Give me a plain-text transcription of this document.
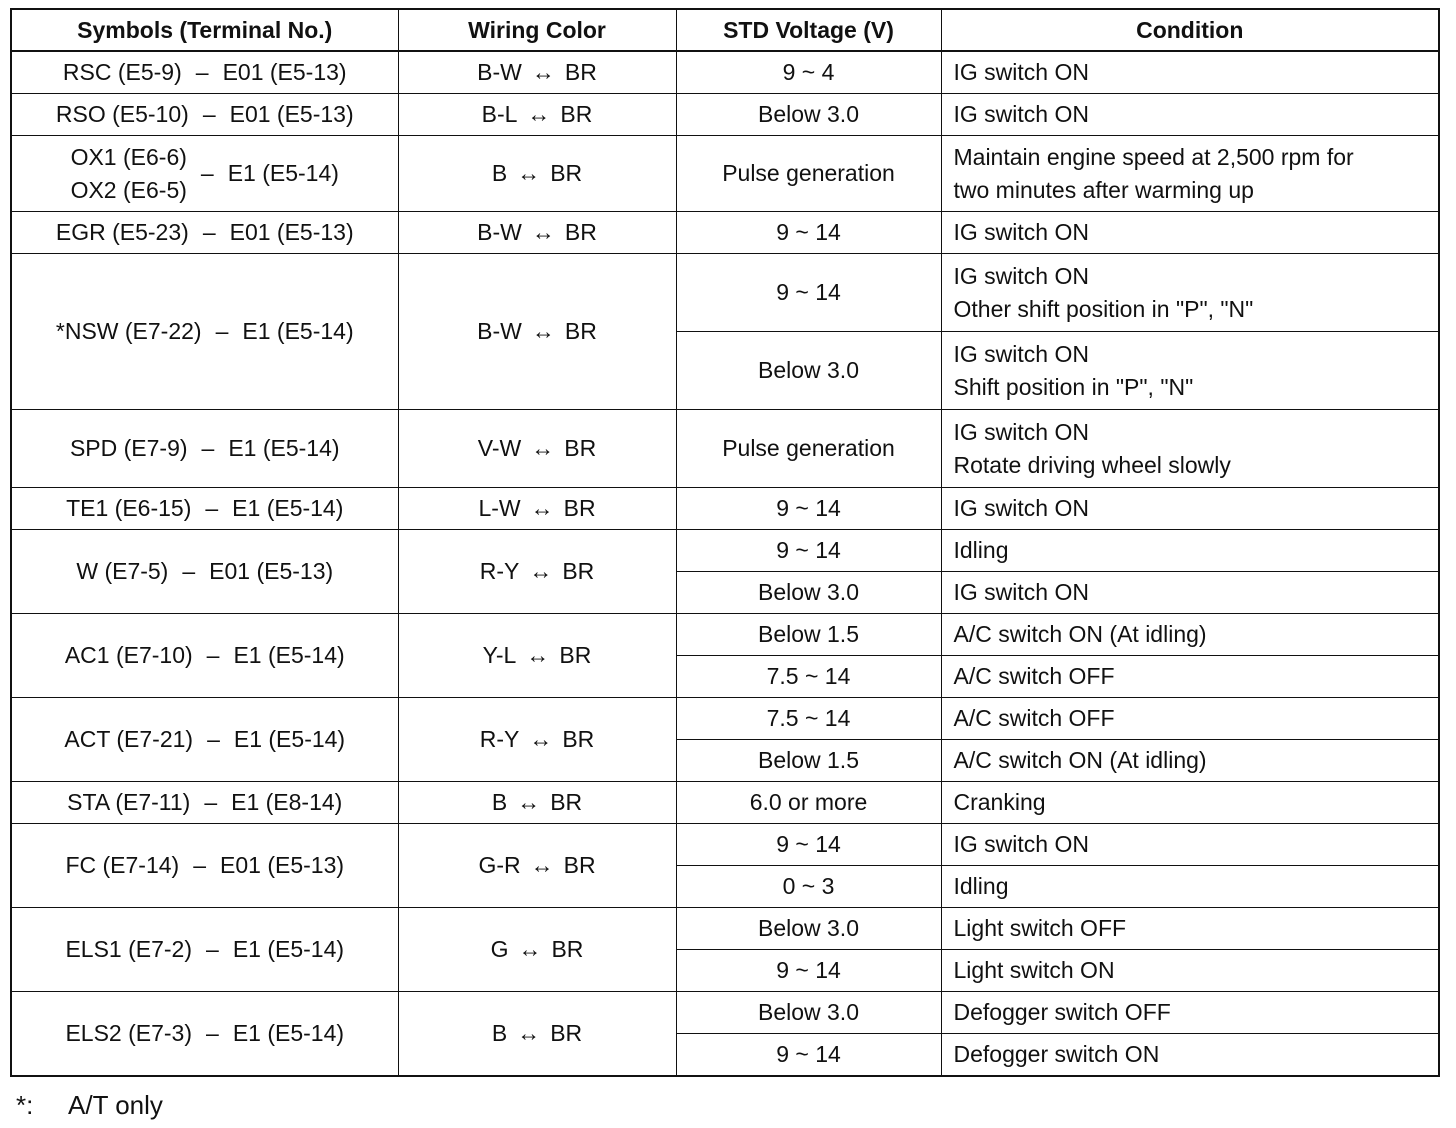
Symbols (Terminal No.)	Wiring Color	STD Voltage (V)	Condition

RSC (E5-9) – E01 (E5-13)	B-W ↔ BR	9 ~ 4	IG switch ON

RSO (E5-10) – E01 (E5-13)	B-L ↔ BR	Below 3.0	IG switch ON

OX1 (E6-6)
OX2 (E6-5)
– E1 (E5-14)	B ↔ BR	Pulse generation	Maintain engine speed at 2,500 rpm for
two minutes after warming up

EGR (E5-23) – E01 (E5-13)	B-W ↔ BR	9 ~ 14	IG switch ON

*NSW (E7-22) – E1 (E5-14)	B-W ↔ BR	9 ~ 14	IG switch ON
Other shift position in "P", "N"

		Below 3.0	IG switch ON
Shift position in "P", "N"

SPD (E7-9) – E1 (E5-14)	V-W ↔ BR	Pulse generation	IG switch ON
Rotate driving wheel slowly

TE1 (E6-15) – E1 (E5-14)	L-W ↔ BR	9 ~ 14	IG switch ON

W (E7-5) – E01 (E5-13)	R-Y ↔ BR	9 ~ 14	Idling

		Below 3.0	IG switch ON

AC1 (E7-10) – E1 (E5-14)	Y-L ↔ BR	Below 1.5	A/C switch ON (At idling)

		7.5 ~ 14	A/C switch OFF

ACT (E7-21) – E1 (E5-14)	R-Y ↔ BR	7.5 ~ 14	A/C switch OFF

		Below 1.5	A/C switch ON (At idling)

STA (E7-11) – E1 (E8-14)	B ↔ BR	6.0 or more	Cranking

FC (E7-14) – E01 (E5-13)	G-R ↔ BR	9 ~ 14	IG switch ON

		0 ~ 3	Idling

ELS1 (E7-2) – E1 (E5-14)	G ↔ BR	Below 3.0	Light switch OFF

		9 ~ 14	Light switch ON

ELS2 (E7-3) – E1 (E5-14)	B ↔ BR	Below 3.0	Defogger switch OFF

		9 ~ 14	Defogger switch ON
*: A/T only
